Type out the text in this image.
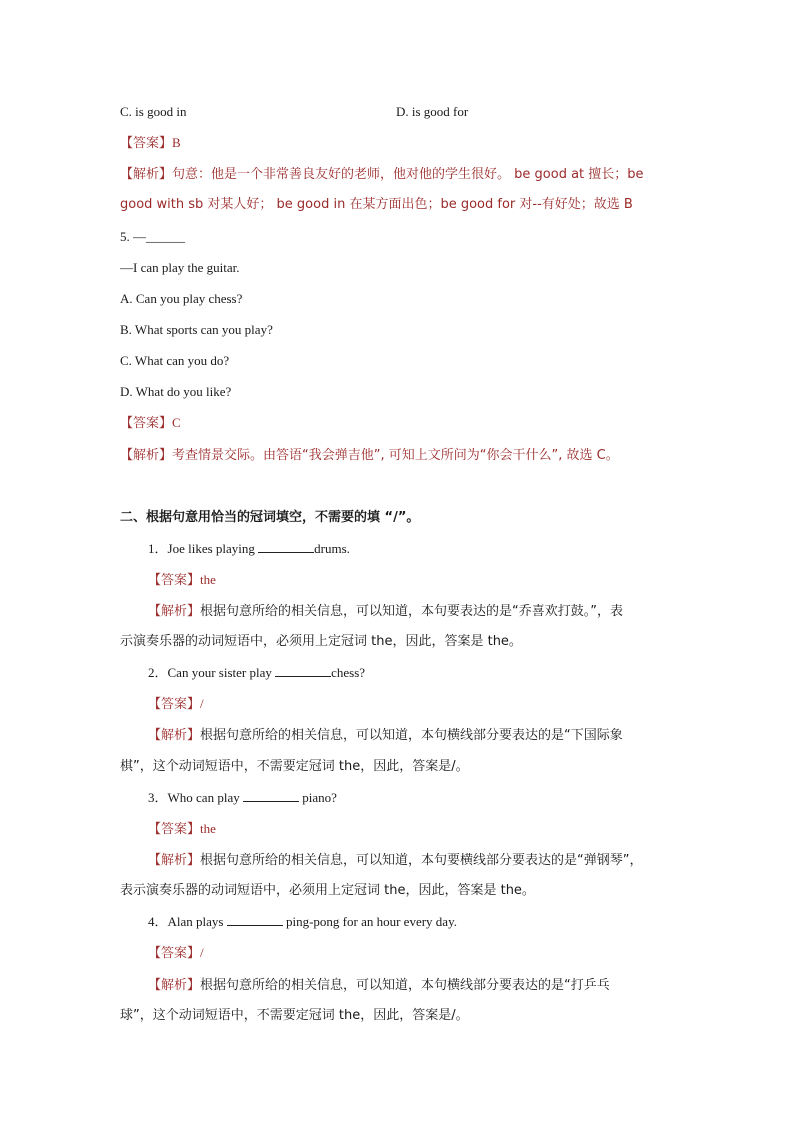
C. is good in	D. is good for
【答案】B
【解析】句意：他是一个非常善良友好的老师，他对他的学生很好。 be good at 擅长；be
good with sb 对某人好； be good in 在某方面出色；be good for 对--有好处；故选 B
5. —______
—I can play the guitar.
A. Can you play chess?
B. What sports can you play?
C. What can you do?
D. What do you like?
【答案】C
【解析】考查情景交际。由答语“我会弹吉他”, 可知上文所问为“你会干什么”, 故选 C。
二、根据句意用恰当的冠词填空，不需要的填 “/”。
1．Joe likes playing	drums.
【答案】the
【解析】根据句意所给的相关信息，可以知道，本句要表达的是“乔喜欢打鼓。”，表
示演奏乐器的动词短语中，必须用上定冠词 the，因此，答案是 the。
2．Can your sister play	chess?
【答案】/
【解析】根据句意所给的相关信息，可以知道，本句横线部分要表达的是“下国际象
棋”，这个动词短语中，不需要定冠词 the，因此，答案是/。
3．Who can play	piano?
【答案】the
【解析】根据句意所给的相关信息，可以知道，本句要横线部分要表达的是“弹钢琴”，
表示演奏乐器的动词短语中，必须用上定冠词 the，因此，答案是 the。
4．Alan plays	ping-pong for an hour every day.
【答案】/
【解析】根据句意所给的相关信息，可以知道，本句横线部分要表达的是“打乒乓
球”，这个动词短语中，不需要定冠词 the，因此，答案是/。
